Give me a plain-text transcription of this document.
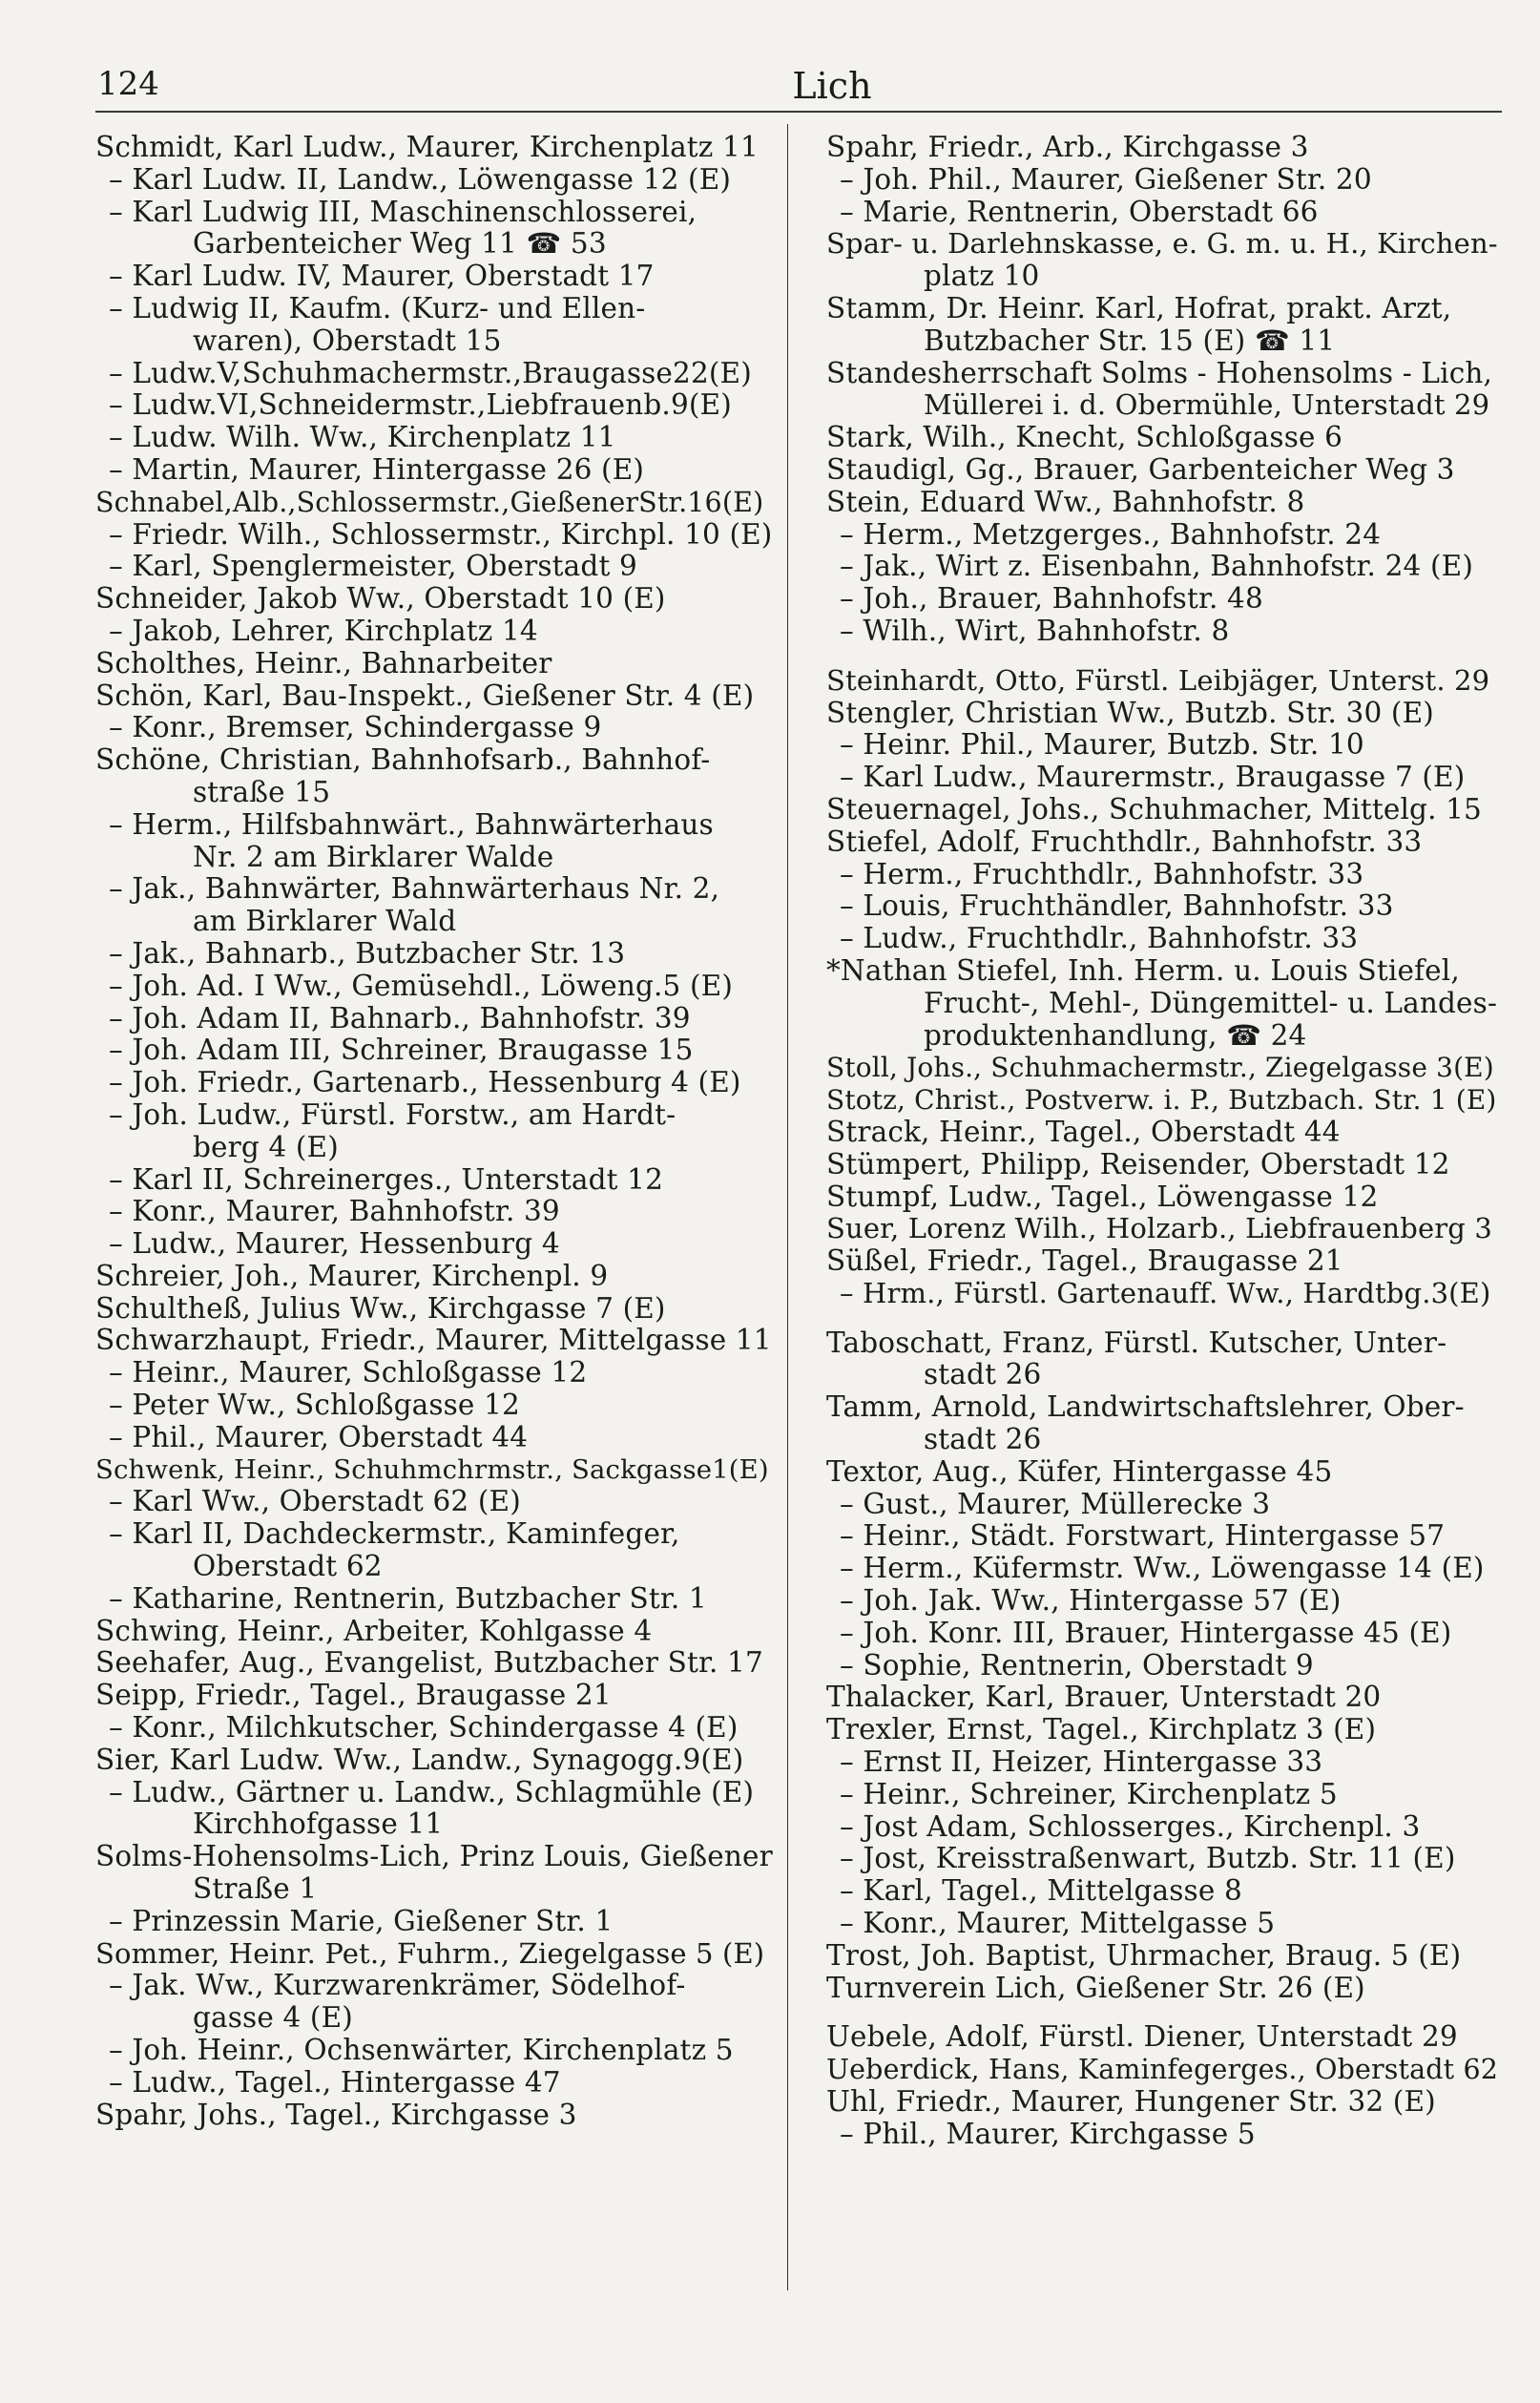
124	Lich
Schmidt, Karl Ludw., Maurer, Kirchenplatz 11
– Karl Ludw. II, Landw., Löwengasse 12 (E)
– Karl Ludwig III, Maschinenschlosserei,
Garbenteicher Weg 11 ☎ 53
– Karl Ludw. IV, Maurer, Oberstadt 17
– Ludwig II, Kaufm. (Kurz- und Ellen-
waren), Oberstadt 15
– Ludw.V,Schuhmachermstr.,Braugasse22(E)
– Ludw.VI,Schneidermstr.,Liebfrauenb.9(E)
– Ludw. Wilh. Ww., Kirchenplatz 11
– Martin, Maurer, Hintergasse 26 (E)
Schnabel,Alb.,Schlossermstr.,GießenerStr.16(E)
– Friedr. Wilh., Schlossermstr., Kirchpl. 10 (E)
– Karl, Spenglermeister, Oberstadt 9
Schneider, Jakob Ww., Oberstadt 10 (E)
– Jakob, Lehrer, Kirchplatz 14
Scholthes, Heinr., Bahnarbeiter
Schön, Karl, Bau-Inspekt., Gießener Str. 4 (E)
– Konr., Bremser, Schindergasse 9
Schöne, Christian, Bahnhofsarb., Bahnhof-
straße 15
– Herm., Hilfsbahnwärt., Bahnwärterhaus
Nr. 2 am Birklarer Walde
– Jak., Bahnwärter, Bahnwärterhaus Nr. 2,
am Birklarer Wald
– Jak., Bahnarb., Butzbacher Str. 13
– Joh. Ad. I Ww., Gemüsehdl., Löweng.5 (E)
– Joh. Adam II, Bahnarb., Bahnhofstr. 39
– Joh. Adam III, Schreiner, Braugasse 15
– Joh. Friedr., Gartenarb., Hessenburg 4 (E)
– Joh. Ludw., Fürstl. Forstw., am Hardt-
berg 4 (E)
– Karl II, Schreinerges., Unterstadt 12
– Konr., Maurer, Bahnhofstr. 39
– Ludw., Maurer, Hessenburg 4
Schreier, Joh., Maurer, Kirchenpl. 9
Schultheß, Julius Ww., Kirchgasse 7 (E)
Schwarzhaupt, Friedr., Maurer, Mittelgasse 11
– Heinr., Maurer, Schloßgasse 12
– Peter Ww., Schloßgasse 12
– Phil., Maurer, Oberstadt 44
Schwenk, Heinr., Schuhmchrmstr., Sackgasse1(E)
– Karl Ww., Oberstadt 62 (E)
– Karl II, Dachdeckermstr., Kaminfeger,
Oberstadt 62
– Katharine, Rentnerin, Butzbacher Str. 1
Schwing, Heinr., Arbeiter, Kohlgasse 4
Seehafer, Aug., Evangelist, Butzbacher Str. 17
Seipp, Friedr., Tagel., Braugasse 21
– Konr., Milchkutscher, Schindergasse 4 (E)
Sier, Karl Ludw. Ww., Landw., Synagogg.9(E)
– Ludw., Gärtner u. Landw., Schlagmühle (E)
Kirchhofgasse 11
Solms-Hohensolms-Lich, Prinz Louis, Gießener
Straße 1
– Prinzessin Marie, Gießener Str. 1
Sommer, Heinr. Pet., Fuhrm., Ziegelgasse 5 (E)
– Jak. Ww., Kurzwarenkrämer, Södelhof-
gasse 4 (E)
– Joh. Heinr., Ochsenwärter, Kirchenplatz 5
– Ludw., Tagel., Hintergasse 47
Spahr, Johs., Tagel., Kirchgasse 3
Spahr, Friedr., Arb., Kirchgasse 3
– Joh. Phil., Maurer, Gießener Str. 20
– Marie, Rentnerin, Oberstadt 66
Spar- u. Darlehnskasse, e. G. m. u. H., Kirchen-
platz 10
Stamm, Dr. Heinr. Karl, Hofrat, prakt. Arzt,
Butzbacher Str. 15 (E) ☎ 11
Standesherrschaft Solms - Hohensolms - Lich,
Müllerei i. d. Obermühle, Unterstadt 29
Stark, Wilh., Knecht, Schloßgasse 6
Staudigl, Gg., Brauer, Garbenteicher Weg 3
Stein, Eduard Ww., Bahnhofstr. 8
– Herm., Metzgerges., Bahnhofstr. 24
– Jak., Wirt z. Eisenbahn, Bahnhofstr. 24 (E)
– Joh., Brauer, Bahnhofstr. 48
– Wilh., Wirt, Bahnhofstr. 8
Steinhardt, Otto, Fürstl. Leibjäger, Unterst. 29
Stengler, Christian Ww., Butzb. Str. 30 (E)
– Heinr. Phil., Maurer, Butzb. Str. 10
– Karl Ludw., Maurermstr., Braugasse 7 (E)
Steuernagel, Johs., Schuhmacher, Mittelg. 15
Stiefel, Adolf, Fruchthdlr., Bahnhofstr. 33
– Herm., Fruchthdlr., Bahnhofstr. 33
– Louis, Fruchthändler, Bahnhofstr. 33
– Ludw., Fruchthdlr., Bahnhofstr. 33
*Nathan Stiefel, Inh. Herm. u. Louis Stiefel,
Frucht-, Mehl-, Düngemittel- u. Landes-
produktenhandlung, ☎ 24
Stoll, Johs., Schuhmachermstr., Ziegelgasse 3(E)
Stotz, Christ., Postverw. i. P., Butzbach. Str. 1 (E)
Strack, Heinr., Tagel., Oberstadt 44
Stümpert, Philipp, Reisender, Oberstadt 12
Stumpf, Ludw., Tagel., Löwengasse 12
Suer, Lorenz Wilh., Holzarb., Liebfrauenberg 3
Süßel, Friedr., Tagel., Braugasse 21
– Hrm., Fürstl. Gartenauff. Ww., Hardtbg.3(E)
Taboschatt, Franz, Fürstl. Kutscher, Unter-
stadt 26
Tamm, Arnold, Landwirtschaftslehrer, Ober-
stadt 26
Textor, Aug., Küfer, Hintergasse 45
– Gust., Maurer, Müllerecke 3
– Heinr., Städt. Forstwart, Hintergasse 57
– Herm., Küfermstr. Ww., Löwengasse 14 (E)
– Joh. Jak. Ww., Hintergasse 57 (E)
– Joh. Konr. III, Brauer, Hintergasse 45 (E)
– Sophie, Rentnerin, Oberstadt 9
Thalacker, Karl, Brauer, Unterstadt 20
Trexler, Ernst, Tagel., Kirchplatz 3 (E)
– Ernst II, Heizer, Hintergasse 33
– Heinr., Schreiner, Kirchenplatz 5
– Jost Adam, Schlosserges., Kirchenpl. 3
– Jost, Kreisstraßenwart, Butzb. Str. 11 (E)
– Karl, Tagel., Mittelgasse 8
– Konr., Maurer, Mittelgasse 5
Trost, Joh. Baptist, Uhrmacher, Braug. 5 (E)
Turnverein Lich, Gießener Str. 26 (E)
Uebele, Adolf, Fürstl. Diener, Unterstadt 29
Ueberdick, Hans, Kaminfegerges., Oberstadt 62
Uhl, Friedr., Maurer, Hungener Str. 32 (E)
– Phil., Maurer, Kirchgasse 5
